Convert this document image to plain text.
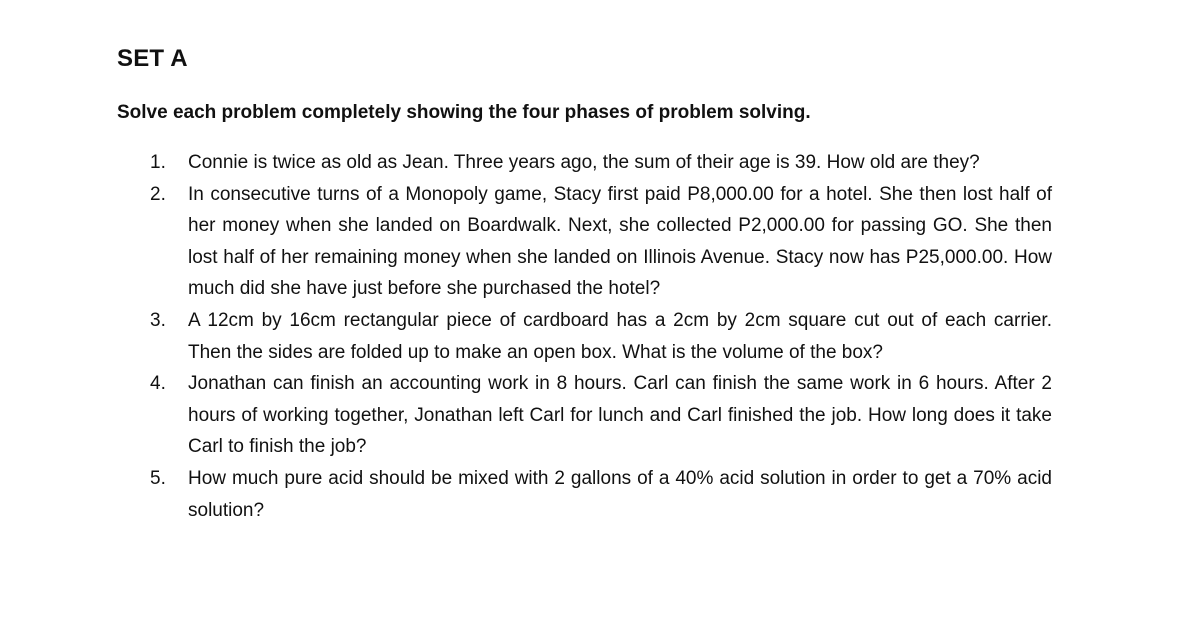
SET A

Solve each problem completely showing the four phases of problem solving.

1.	Connie is twice as old as Jean. Three years ago, the sum of their age is 39. How old are they?
2.	In consecutive turns of a Monopoly game, Stacy first paid P8,000.00 for a hotel. She then lost half of her money when she landed on Boardwalk. Next, she collected P2,000.00 for passing GO. She then lost half of her remaining money when she landed on Illinois Avenue. Stacy now has P25,000.00. How much did she have just before she purchased the hotel?
3.	A 12cm by 16cm rectangular piece of cardboard has a 2cm by 2cm square cut out of each carrier. Then the sides are folded up to make an open box. What is the volume of the box?
4.	Jonathan can finish an accounting work in 8 hours. Carl can finish the same work in 6 hours. After 2 hours of working together, Jonathan left Carl for lunch and Carl finished the job. How long does it take Carl to finish the job?
5.	How much pure acid should be mixed with 2 gallons of a 40% acid solution in order to get a 70% acid solution?
